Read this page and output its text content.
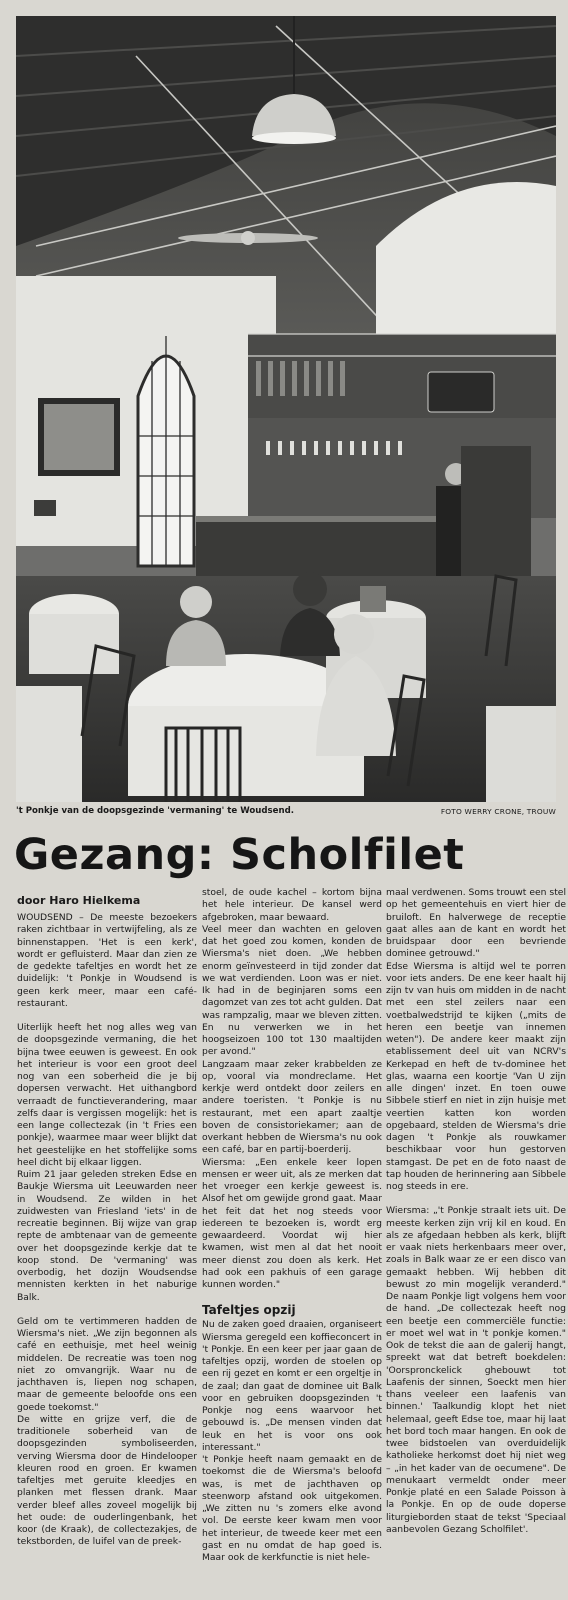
't Ponkje van de doopsgezinde 'vermaning' te Woudsend.	FOTO WERRY CRONE, TROUW
Gezang: Scholfilet
door Haro Hielkema

WOUDSEND – De meeste bezoekers raken zichtbaar in vertwijfeling, als ze binnenstappen. 'Het is een kerk', wordt er gefluisterd. Maar dan zien ze de gedekte tafeltjes en wordt het ze duidelijk: 't Ponkje in Woudsend is geen kerk meer, maar een café-restaurant.

Uiterlijk heeft het nog alles weg van de doopsgezinde vermaning, die het bijna twee eeuwen is geweest. En ook het interieur is voor een groot deel nog van een soberheid die je bij dopersen verwacht. Het uithangbord verraadt de functieverandering, maar zelfs daar is vergissen mogelijk: het is een lange collectezak (in 't Fries een ponkje), waarmee maar weer blijkt dat het geestelijke en het stoffelijke soms heel dicht bij elkaar liggen.

Ruim 21 jaar geleden streken Edse en Baukje Wiersma uit Leeuwarden neer in Woudsend. Ze wilden in het zuidwesten van Friesland 'iets' in de recreatie beginnen. Bij wijze van grap repte de ambtenaar van de gemeente over het doopsgezinde kerkje dat te koop stond. De 'vermaning' was overbodig, het dozijn Woudsendse mennisten kerkten in het naburige Balk.

Geld om te vertimmeren hadden de Wiersma's niet. „We zijn begonnen als café en eethuisje, met heel weinig middelen. De recreatie was toen nog niet zo omvangrijk. Waar nu de jachthaven is, liepen nog schapen, maar de gemeente beloofde ons een goede toekomst."

De witte en grijze verf, die de traditionele soberheid van de doopsgezinden symboliseerden, verving Wiersma door de Hindelooper kleuren rood en groen. Er kwamen tafeltjes met geruite kleedjes en planken met flessen drank. Maar verder bleef alles zoveel mogelijk bij het oude: de ouderlingenbank, het koor (de Kraak), de collectezakjes, de tekstborden, de luifel van de preek-

stoel, de oude kachel – kortom bijna het hele interieur. De kansel werd afgebroken, maar bewaard.

Veel meer dan wachten en geloven dat het goed zou komen, konden de Wiersma's niet doen. „We hebben enorm geïnvesteerd in tijd zonder dat we wat verdienden. Loon was er niet. Ik had in de beginjaren soms een dagomzet van zes tot acht gulden. Dat was rampzalig, maar we bleven zitten. En nu verwerken we in het hoogseizoen 100 tot 130 maaltijden per avond."

Langzaam maar zeker krabbelden ze op, vooral via mondreclame. Het kerkje werd ontdekt door zeilers en andere toeristen. 't Ponkje is nu restaurant, met een apart zaaltje boven de consistoriekamer; aan de overkant hebben de Wiersma's nu ook een café, bar en partij-boerderij.

Wiersma: „Een enkele keer lopen mensen er weer uit, als ze merken dat het vroeger een kerkje geweest is. Alsof het om gewijde grond gaat. Maar het feit dat het nog steeds voor iedereen te bezoeken is, wordt erg gewaardeerd. Voordat wij hier kwamen, wist men al dat het nooit meer dienst zou doen als kerk. Het had ook een pakhuis of een garage kunnen worden."

Tafeltjes opzij

Nu de zaken goed draaien, organiseert Wiersma geregeld een koffieconcert in 't Ponkje. En een keer per jaar gaan de tafeltjes opzij, worden de stoelen op een rij gezet en komt er een orgeltje in de zaal; dan gaat de dominee uit Balk voor en gebruiken doopsgezinden 't Ponkje nog eens waarvoor het gebouwd is. „De mensen vinden dat leuk en het is voor ons ook interessant."

't Ponkje heeft naam gemaakt en de toekomst die de Wiersma's beloofd was, is met de jachthaven op steenworp afstand ook uitgekomen. „We zitten nu 's zomers elke avond vol. De eerste keer kwam men voor het interieur, de tweede keer met een gast en nu omdat de hap goed is. Maar ook de kerkfunctie is niet hele-

maal verdwenen. Soms trouwt een stel op het gemeentehuis en viert hier de bruiloft. En halverwege de receptie gaat alles aan de kant en wordt het bruidspaar door een bevriende dominee getrouwd."

Edse Wiersma is altijd wel te porren voor iets anders. De ene keer haalt hij zijn tv van huis om midden in de nacht met een stel zeilers naar een voetbalwedstrijd te kijken („mits de heren een beetje van innemen weten"). De andere keer maakt zijn etablissement deel uit van NCRV's Kerkepad en heft de tv-dominee het glas, waarna een koortje 'Van U zijn alle dingen' inzet. En toen ouwe Sibbele stierf en niet in zijn huisje met veertien katten kon worden opgebaard, stelden de Wiersma's drie dagen 't Ponkje als rouwkamer beschikbaar voor hun gestorven stamgast. De pet en de foto naast de tap houden de herinnering aan Sibbele nog steeds in ere.

Wiersma: „'t Ponkje straalt iets uit. De meeste kerken zijn vrij kil en koud. En als ze afgedaan hebben als kerk, blijft er vaak niets herkenbaars meer over, zoals in Balk waar ze er een disco van gemaakt hebben. Wij hebben dit bewust zo min mogelijk veranderd." De naam Ponkje ligt volgens hem voor de hand. „De collectezak heeft nog een beetje een commerciële functie: er moet wel wat in 't ponkje komen." Ook de tekst die aan de galerij hangt, spreekt wat dat betreft boekdelen: 'Oorspronckelick ghebouwt tot Laafenis der sinnen, Soeckt men hier thans veeleer een laafenis van binnen.' Taalkundig klopt het niet helemaal, geeft Edse toe, maar hij laat het bord toch maar hangen. En ook de twee bidstoelen van overduidelijk katholieke herkomst doet hij niet weg – „in het kader van de oecumene". De menukaart vermeldt onder meer Ponkje platé en een Salade Poisson à la Ponkje. En op de oude doperse liturgieborden staat de tekst 'Speciaal aanbevolen Gezang Scholfilet'.
